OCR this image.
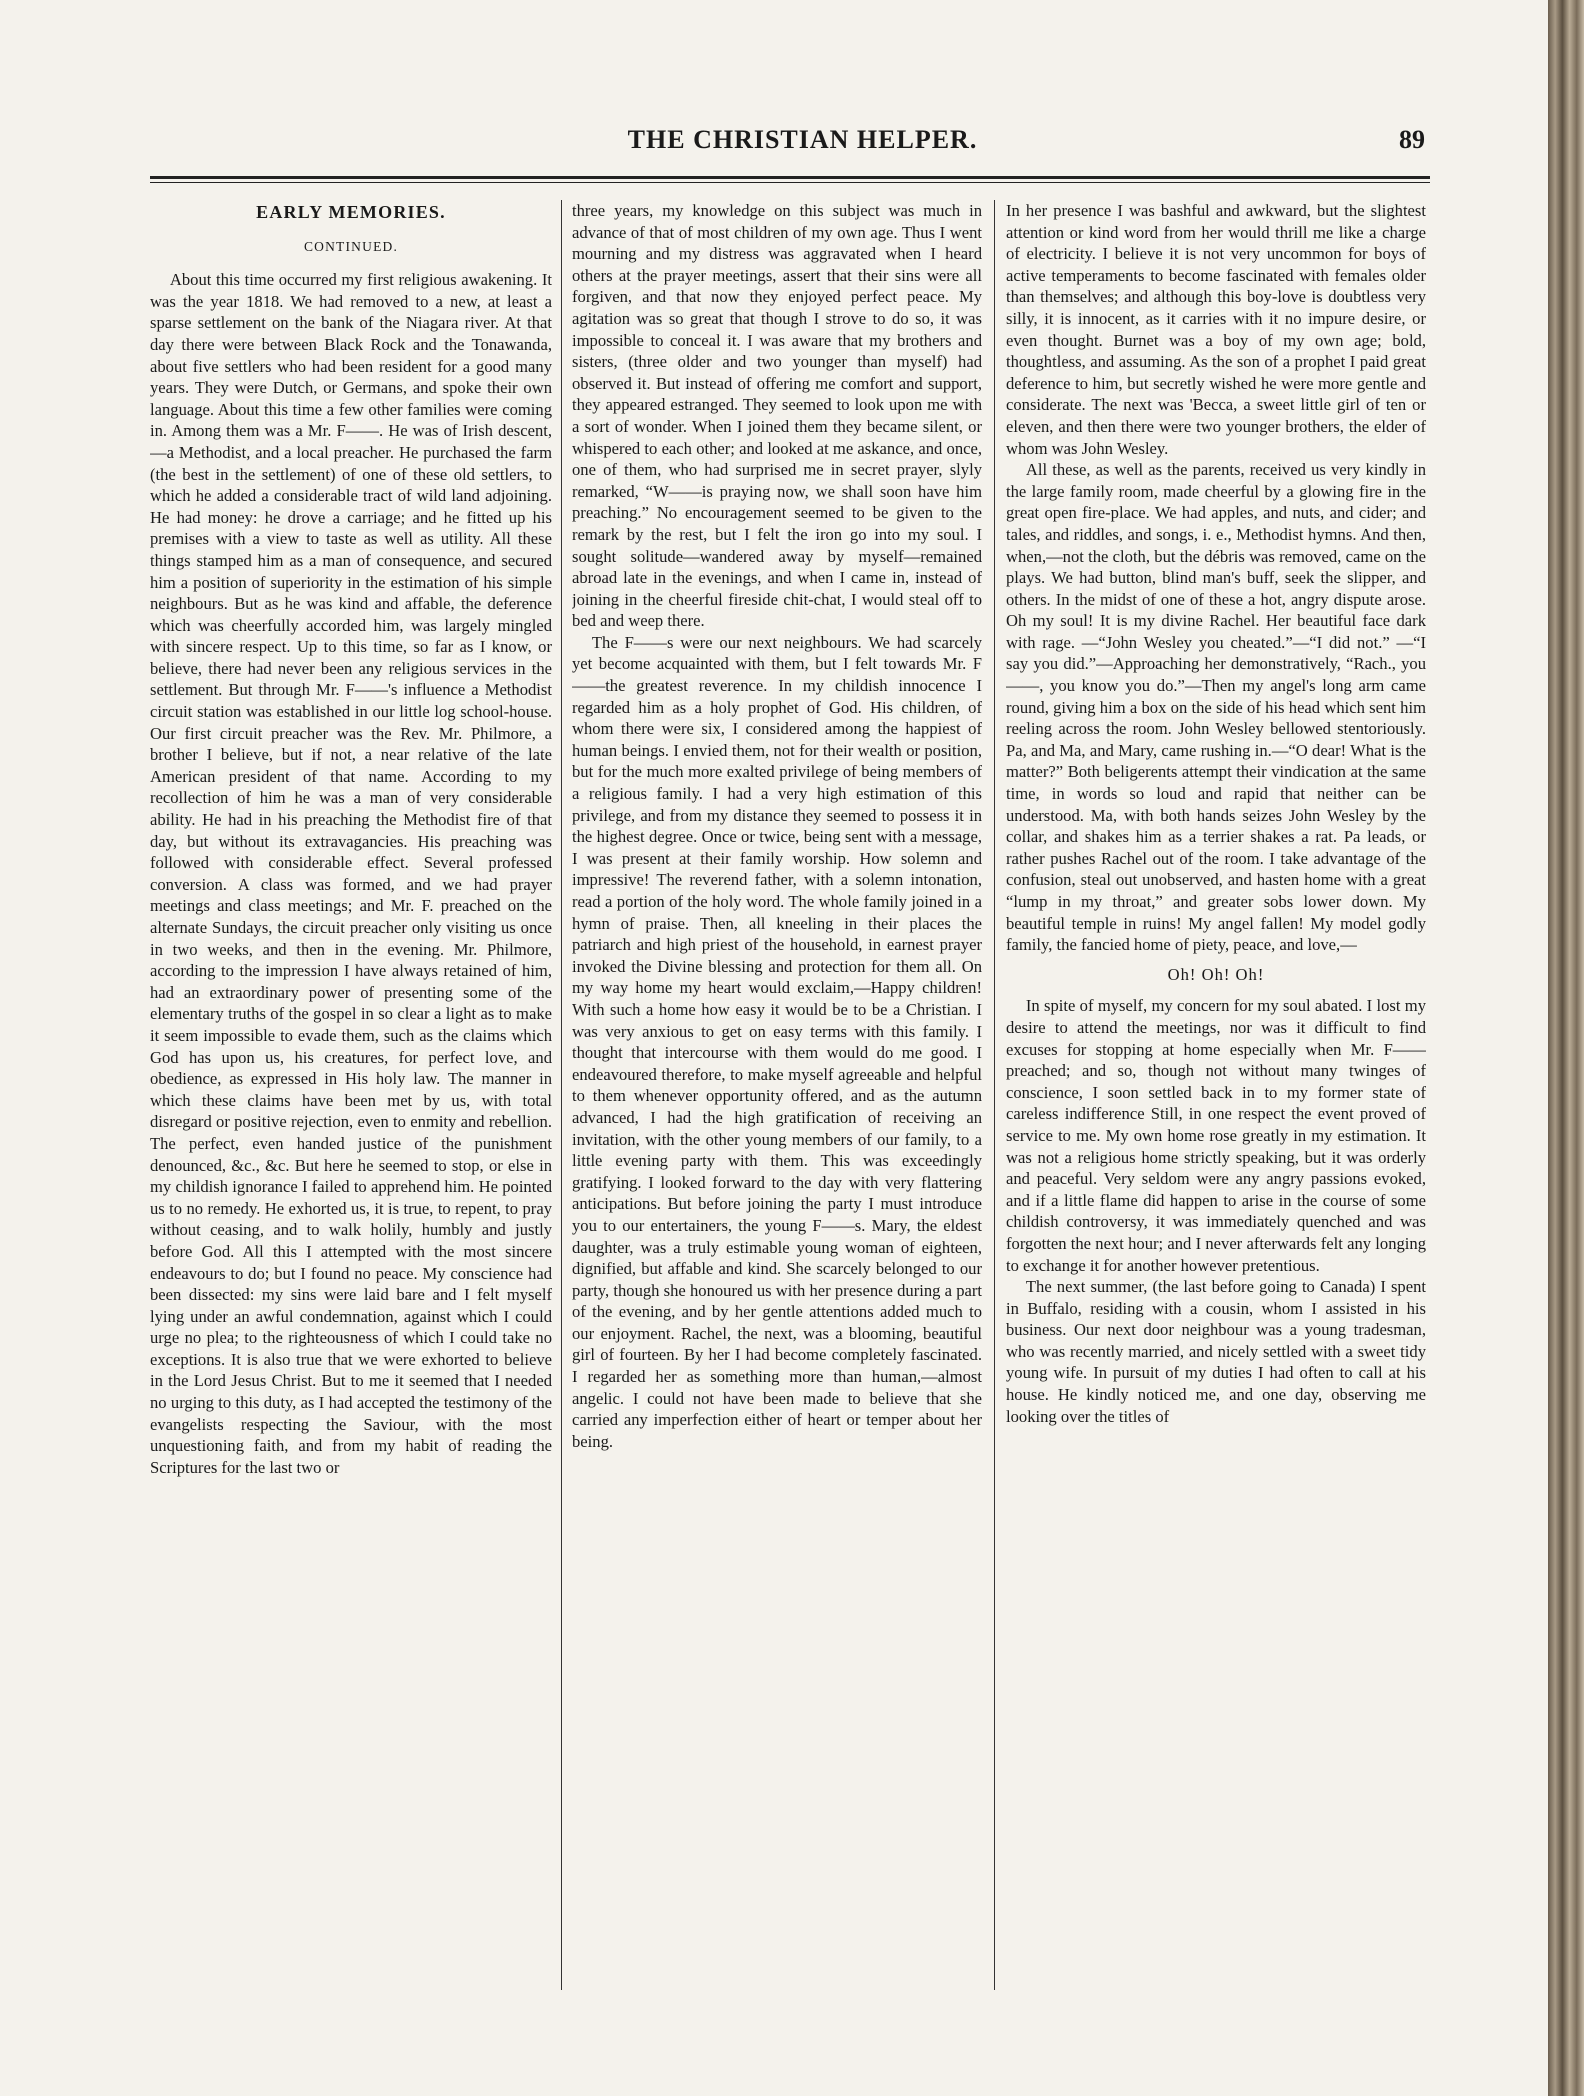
THE CHRISTIAN HELPER.	89
EARLY MEMORIES.
CONTINUED.

About this time occurred my first religious awakening. It was the year 1818. We had removed to a new, at least a sparse settlement on the bank of the Niagara river. At that day there were between Black Rock and the Tonawanda, about five settlers who had been resident for a good many years. They were Dutch, or Germans, and spoke their own language. About this time a few other families were coming in. Among them was a Mr. F——. He was of Irish descent,—a Methodist, and a local preacher. He purchased the farm (the best in the settlement) of one of these old settlers, to which he added a considerable tract of wild land adjoining. He had money: he drove a carriage; and he fitted up his premises with a view to taste as well as utility. All these things stamped him as a man of consequence, and secured him a position of superiority in the estimation of his simple neighbours. But as he was kind and affable, the deference which was cheerfully accorded him, was largely mingled with sincere respect. Up to this time, so far as I know, or believe, there had never been any religious services in the settlement. But through Mr. F——'s influence a Methodist circuit station was established in our little log school-house. Our first circuit preacher was the Rev. Mr. Philmore, a brother I believe, but if not, a near relative of the late American president of that name. According to my recollection of him he was a man of very considerable ability. He had in his preaching the Methodist fire of that day, but without its extravagancies. His preaching was followed with considerable effect. Several professed conversion. A class was formed, and we had prayer meetings and class meetings; and Mr. F. preached on the alternate Sundays, the circuit preacher only visiting us once in two weeks, and then in the evening. Mr. Philmore, according to the impression I have always retained of him, had an extraordinary power of presenting some of the elementary truths of the gospel in so clear a light as to make it seem impossible to evade them, such as the claims which God has upon us, his creatures, for perfect love, and obedience, as expressed in His holy law. The manner in which these claims have been met by us, with total disregard or positive rejection, even to enmity and rebellion. The perfect, even handed justice of the punishment denounced, &c., &c. But here he seemed to stop, or else in my childish ignorance I failed to apprehend him. He pointed us to no remedy. He exhorted us, it is true, to repent, to pray without ceasing, and to walk holily, humbly and justly before God. All this I attempted with the most sincere endeavours to do; but I found no peace. My conscience had been dissected: my sins were laid bare and I felt myself lying under an awful condemnation, against which I could urge no plea; to the righteousness of which I could take no exceptions. It is also true that we were exhorted to believe in the Lord Jesus Christ. But to me it seemed that I needed no urging to this duty, as I had accepted the testimony of the evangelists respecting the Saviour, with the most unquestioning faith, and from my habit of reading the Scriptures for the last two or

three years, my knowledge on this subject was much in advance of that of most children of my own age. Thus I went mourning and my distress was aggravated when I heard others at the prayer meetings, assert that their sins were all forgiven, and that now they enjoyed perfect peace. My agitation was so great that though I strove to do so, it was impossible to conceal it. I was aware that my brothers and sisters, (three older and two younger than myself) had observed it. But instead of offering me comfort and support, they appeared estranged. They seemed to look upon me with a sort of wonder. When I joined them they became silent, or whispered to each other; and looked at me askance, and once, one of them, who had surprised me in secret prayer, slyly remarked, “W——is praying now, we shall soon have him preaching.” No encouragement seemed to be given to the remark by the rest, but I felt the iron go into my soul. I sought solitude—wandered away by myself—remained abroad late in the evenings, and when I came in, instead of joining in the cheerful fireside chit-chat, I would steal off to bed and weep there.

The F——s were our next neighbours. We had scarcely yet become acquainted with them, but I felt towards Mr. F——the greatest reverence. In my childish innocence I regarded him as a holy prophet of God. His children, of whom there were six, I considered among the happiest of human beings. I envied them, not for their wealth or position, but for the much more exalted privilege of being members of a religious family. I had a very high estimation of this privilege, and from my distance they seemed to possess it in the highest degree. Once or twice, being sent with a message, I was present at their family worship. How solemn and impressive! The reverend father, with a solemn intonation, read a portion of the holy word. The whole family joined in a hymn of praise. Then, all kneeling in their places the patriarch and high priest of the household, in earnest prayer invoked the Divine blessing and protection for them all. On my way home my heart would exclaim,—Happy children! With such a home how easy it would be to be a Christian. I was very anxious to get on easy terms with this family. I thought that intercourse with them would do me good. I endeavoured therefore, to make myself agreeable and helpful to them whenever opportunity offered, and as the autumn advanced, I had the high gratification of receiving an invitation, with the other young members of our family, to a little evening party with them. This was exceedingly gratifying. I looked forward to the day with very flattering anticipations. But before joining the party I must introduce you to our entertainers, the young F——s. Mary, the eldest daughter, was a truly estimable young woman of eighteen, dignified, but affable and kind. She scarcely belonged to our party, though she honoured us with her presence during a part of the evening, and by her gentle attentions added much to our enjoyment. Rachel, the next, was a blooming, beautiful girl of fourteen. By her I had become completely fascinated. I regarded her as something more than human,—almost angelic. I could not have been made to believe that she carried any imperfection either of heart or temper about her being.

In her presence I was bashful and awkward, but the slightest attention or kind word from her would thrill me like a charge of electricity. I believe it is not very uncommon for boys of active temperaments to become fascinated with females older than themselves; and although this boy-love is doubtless very silly, it is innocent, as it carries with it no impure desire, or even thought. Burnet was a boy of my own age; bold, thoughtless, and assuming. As the son of a prophet I paid great deference to him, but secretly wished he were more gentle and considerate. The next was 'Becca, a sweet little girl of ten or eleven, and then there were two younger brothers, the elder of whom was John Wesley.

All these, as well as the parents, received us very kindly in the large family room, made cheerful by a glowing fire in the great open fire-place. We had apples, and nuts, and cider; and tales, and riddles, and songs, i. e., Methodist hymns. And then, when,—not the cloth, but the débris was removed, came on the plays. We had button, blind man's buff, seek the slipper, and others. In the midst of one of these a hot, angry dispute arose. Oh my soul! It is my divine Rachel. Her beautiful face dark with rage. —“John Wesley you cheated.”—“I did not.” —“I say you did.”—Approaching her demonstratively, “Rach., you ——, you know you do.”—Then my angel's long arm came round, giving him a box on the side of his head which sent him reeling across the room. John Wesley bellowed stentoriously. Pa, and Ma, and Mary, came rushing in.—“O dear! What is the matter?” Both beligerents attempt their vindication at the same time, in words so loud and rapid that neither can be understood. Ma, with both hands seizes John Wesley by the collar, and shakes him as a terrier shakes a rat. Pa leads, or rather pushes Rachel out of the room. I take advantage of the confusion, steal out unobserved, and hasten home with a great “lump in my throat,” and greater sobs lower down. My beautiful temple in ruins! My angel fallen! My model godly family, the fancied home of piety, peace, and love,—

Oh! Oh! Oh!

In spite of myself, my concern for my soul abated. I lost my desire to attend the meetings, nor was it difficult to find excuses for stopping at home especially when Mr. F—— preached; and so, though not without many twinges of conscience, I soon settled back in to my former state of careless indifference Still, in one respect the event proved of service to me. My own home rose greatly in my estimation. It was not a religious home strictly speaking, but it was orderly and peaceful. Very seldom were any angry passions evoked, and if a little flame did happen to arise in the course of some childish controversy, it was immediately quenched and was forgotten the next hour; and I never afterwards felt any longing to exchange it for another however pretentious.

The next summer, (the last before going to Canada) I spent in Buffalo, residing with a cousin, whom I assisted in his business. Our next door neighbour was a young tradesman, who was recently married, and nicely settled with a sweet tidy young wife. In pursuit of my duties I had often to call at his house. He kindly noticed me, and one day, observing me looking over the titles of
